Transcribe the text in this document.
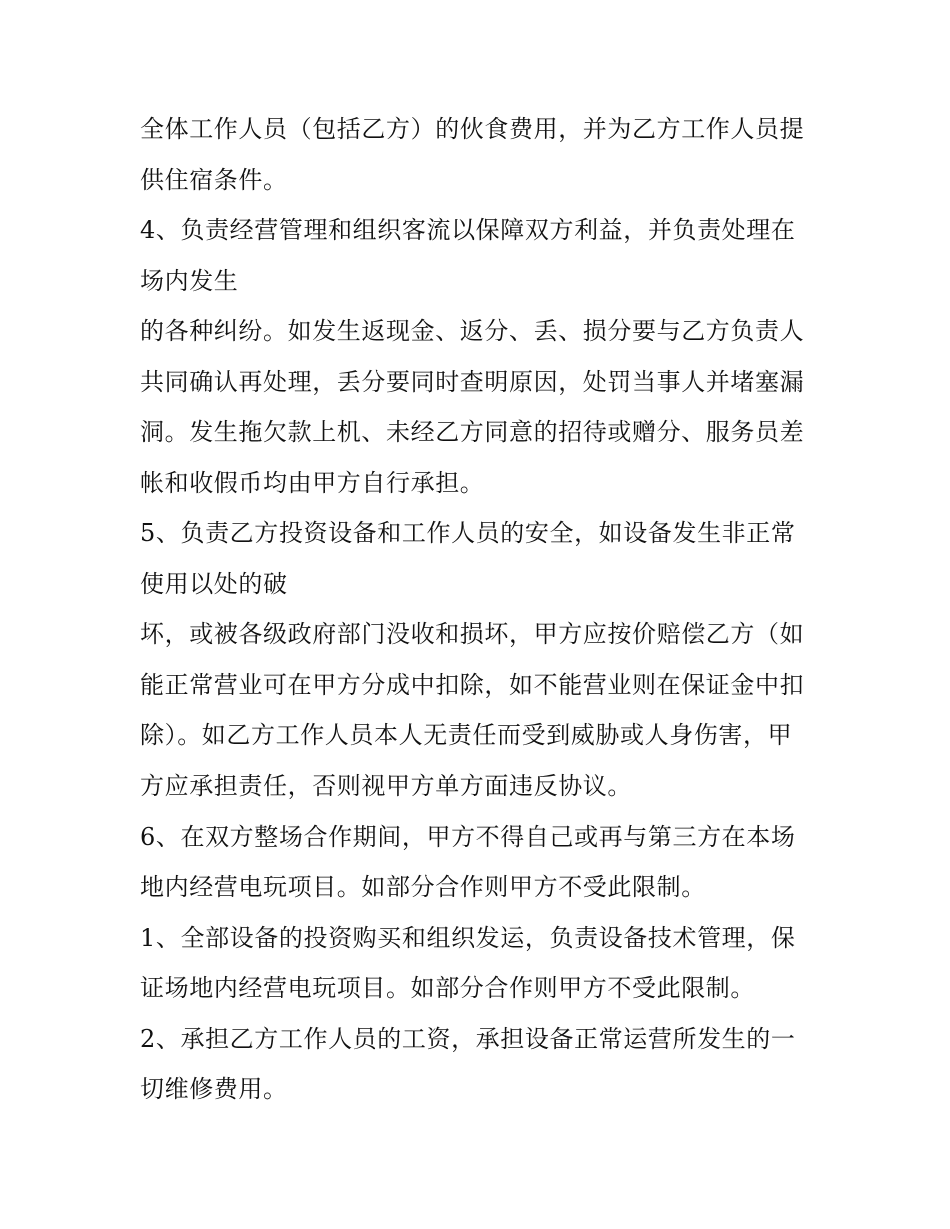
全体工作人员（包括乙方）的伙食费用，并为乙方工作人员提

供住宿条件。

4、负责经营管理和组织客流以保障双方利益，并负责处理在

场内发生

的各种纠纷。如发生返现金、返分、丢、损分要与乙方负责人

共同确认再处理，丢分要同时查明原因，处罚当事人并堵塞漏

洞。发生拖欠款上机、未经乙方同意的招待或赠分、服务员差

帐和收假币均由甲方自行承担。

5、负责乙方投资设备和工作人员的安全，如设备发生非正常

使用以处的破

坏，或被各级政府部门没收和损坏，甲方应按价赔偿乙方（如

能正常营业可在甲方分成中扣除，如不能营业则在保证金中扣

除）。如乙方工作人员本人无责任而受到威胁或人身伤害，甲

方应承担责任，否则视甲方单方面违反协议。

6、在双方整场合作期间，甲方不得自己或再与第三方在本场

地内经营电玩项目。如部分合作则甲方不受此限制。

1、全部设备的投资购买和组织发运，负责设备技术管理，保

证场地内经营电玩项目。如部分合作则甲方不受此限制。

2、承担乙方工作人员的工资，承担设备正常运营所发生的一

切维修费用。
